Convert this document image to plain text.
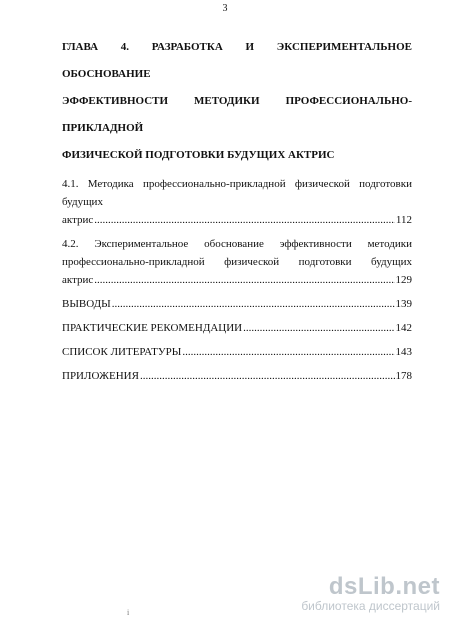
3
ГЛАВА 4. РАЗРАБОТКА И ЭКСПЕРИМЕНТАЛЬНОЕ ОБОСНОВАНИЕ
ЭФФЕКТИВНОСТИ МЕТОДИКИ ПРОФЕССИОНАЛЬНО-ПРИКЛАДНОЙ
ФИЗИЧЕСКОЙ ПОДГОТОВКИ БУДУЩИХ АКТРИС
4.1. Методика профессионально-прикладной физической подготовки будущих
актрис .....	112
4.2. Экспериментальное обоснование эффективности методики
профессионально-прикладной физической подготовки будущих
актрис .....	129
ВЫВОДЫ .....	139
ПРАКТИЧЕСКИЕ РЕКОМЕНДАЦИИ .....	142
СПИСОК ЛИТЕРАТУРЫ .....	143
ПРИЛОЖЕНИЯ .....	178
і
dsLib.net
библиотека диссертаций
